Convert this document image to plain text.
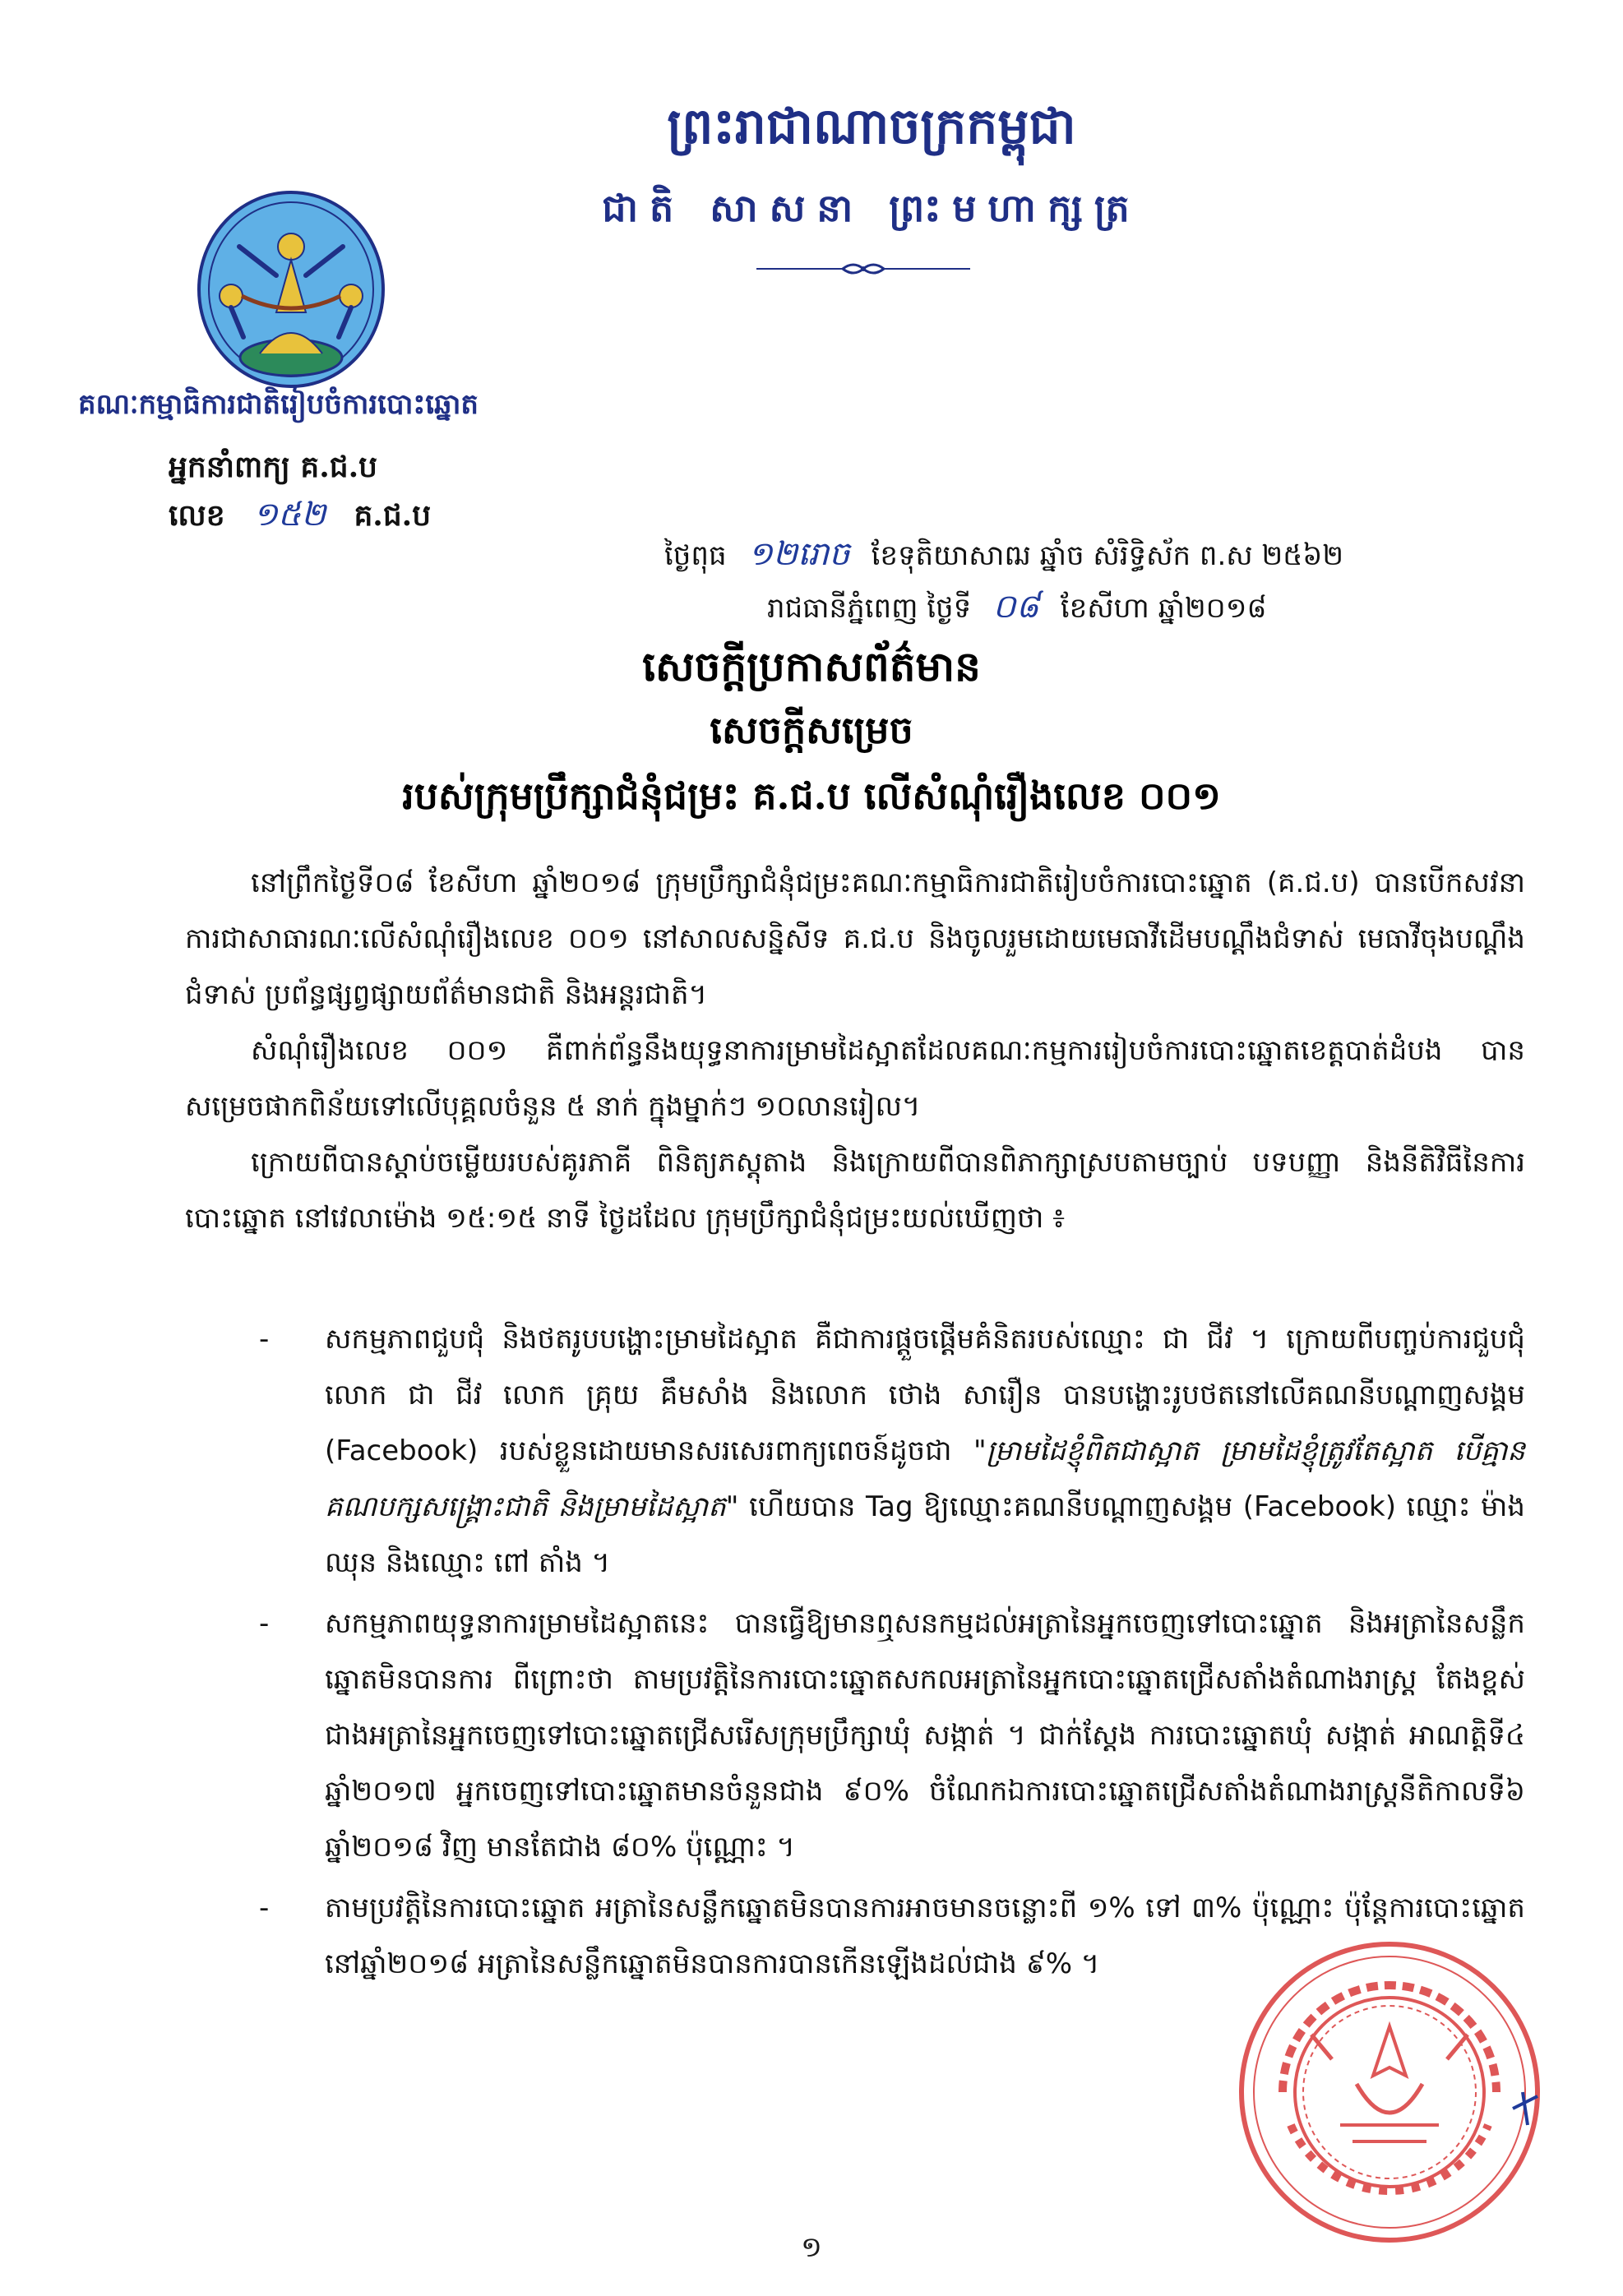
ព្រះរាជាណាចក្រកម្ពុជា
ជាតិ សាសនា ព្រះមហាក្សត្រ
គណៈកម្មាធិការជាតិរៀបចំការបោះឆ្នោត
អ្នកនាំពាក្យ គ.ជ.ប
លេខ ១៥២ គ.ជ.ប
ថ្ងៃពុធ ១២រោច ខែទុតិយាសាឍ ឆ្នាំច សំរិទ្ធិស័ក ព.ស ២៥៦២
រាជធានីភ្នំពេញ ថ្ងៃទី ០៨ ខែសីហា ឆ្នាំ២០១៨
សេចក្តីប្រកាសព័ត៌មាន
សេចក្តីសម្រេច
របស់ក្រុមប្រឹក្សាជំនុំជម្រះ គ.ជ.ប លើសំណុំរឿងលេខ ០០១

នៅព្រឹកថ្ងៃទី០៨ ខែសីហា ឆ្នាំ២០១៨ ក្រុមប្រឹក្សាជំនុំជម្រះគណៈកម្មាធិការជាតិរៀបចំការបោះឆ្នោត (គ.ជ.ប) បានបើកសវនាការជាសាធារណៈលើសំណុំរឿងលេខ ០០១ នៅសាលសន្និសីទ គ.ជ.ប និងចូលរួមដោយមេធាវីដើមបណ្តឹងជំទាស់ មេធាវីចុងបណ្តឹងជំទាស់ ប្រព័ន្ធផ្សព្វផ្សាយព័ត៌មានជាតិ និងអន្តរជាតិ។

សំណុំរឿងលេខ ០០១ គឺពាក់ព័ន្ធនឹងយុទ្ធនាការម្រាមដៃស្អាតដែលគណៈកម្មការរៀបចំការបោះឆ្នោតខេត្តបាត់ដំបង បានសម្រេចផាកពិន័យទៅលើបុគ្គលចំនួន ៥ នាក់ ក្នុងម្នាក់ៗ ១០លានរៀល។

ក្រោយពីបានស្តាប់ចម្លើយរបស់គូរភាគី ពិនិត្យភស្តុតាង និងក្រោយពីបានពិភាក្សាស្របតាមច្បាប់ បទបញ្ញា និងនីតិវិធីនៃការបោះឆ្នោត នៅវេលាម៉ោង ១៥:១៥ នាទី ថ្ងៃដដែល ក្រុមប្រឹក្សាជំនុំជម្រះយល់ឃើញថា ៖

- សកម្មភាពជួបជុំ និងថតរូបបង្ហោះម្រាមដៃស្អាត គឺជាការផ្តួចផ្តើមគំនិតរបស់ឈ្មោះ ជា ជីវ ។ ក្រោយពីបញ្ចប់ការជួបជុំ លោក ជា ជីវ លោក គ្រុយ គឹមសាំង និងលោក ថោង សារឿន បានបង្ហោះរូបថតនៅលើគណនីបណ្តាញសង្គម (Facebook) របស់ខ្លួនដោយមានសរសេរពាក្យពេចន៍ដូចជា "ម្រាមដៃខ្ញុំពិតជាស្អាត ម្រាមដៃខ្ញុំត្រូវតែស្អាត បើគ្មានគណបក្សសង្គ្រោះជាតិ និងម្រាមដៃស្អាត" ហើយបាន Tag ឱ្យឈ្មោះគណនីបណ្តាញសង្គម (Facebook) ឈ្មោះ ម៉ាង ឈុន និងឈ្មោះ ពៅ តាំង ។
- សកម្មភាពយុទ្ធនាការម្រាមដៃស្អាតនេះ បានធ្វើឱ្យមានឮសនកម្មដល់អត្រានៃអ្នកចេញទៅបោះឆ្នោត និងអត្រានៃសន្លឹកឆ្នោតមិនបានការ ពីព្រោះថា តាមប្រវត្តិនៃការបោះឆ្នោតសកលអត្រានៃអ្នកបោះឆ្នោតជ្រើសតាំងតំណាងរាស្ត្រ តែងខ្ពស់ជាងអត្រានៃអ្នកចេញទៅបោះឆ្នោតជ្រើសរើសក្រុមប្រឹក្សាឃុំ សង្កាត់ ។ ជាក់ស្តែង ការបោះឆ្នោតឃុំ សង្កាត់ អាណត្តិទី៤ ឆ្នាំ២០១៧ អ្នកចេញទៅបោះឆ្នោតមានចំនួនជាង ៩០% ចំណែកឯការបោះឆ្នោតជ្រើសតាំងតំណាងរាស្ត្រនីតិកាលទី៦ ឆ្នាំ២០១៨ វិញ មានតែជាង ៨០% ប៉ុណ្ណោះ ។
- តាមប្រវត្តិនៃការបោះឆ្នោត អត្រានៃសន្លឹកឆ្នោតមិនបានការអាចមានចន្លោះពី ១% ទៅ ៣% ប៉ុណ្ណោះ ប៉ុន្តែការបោះឆ្នោតនៅឆ្នាំ២០១៨ អត្រានៃសន្លឹកឆ្នោតមិនបានការបានកើនឡើងដល់ជាង ៩% ។
១
